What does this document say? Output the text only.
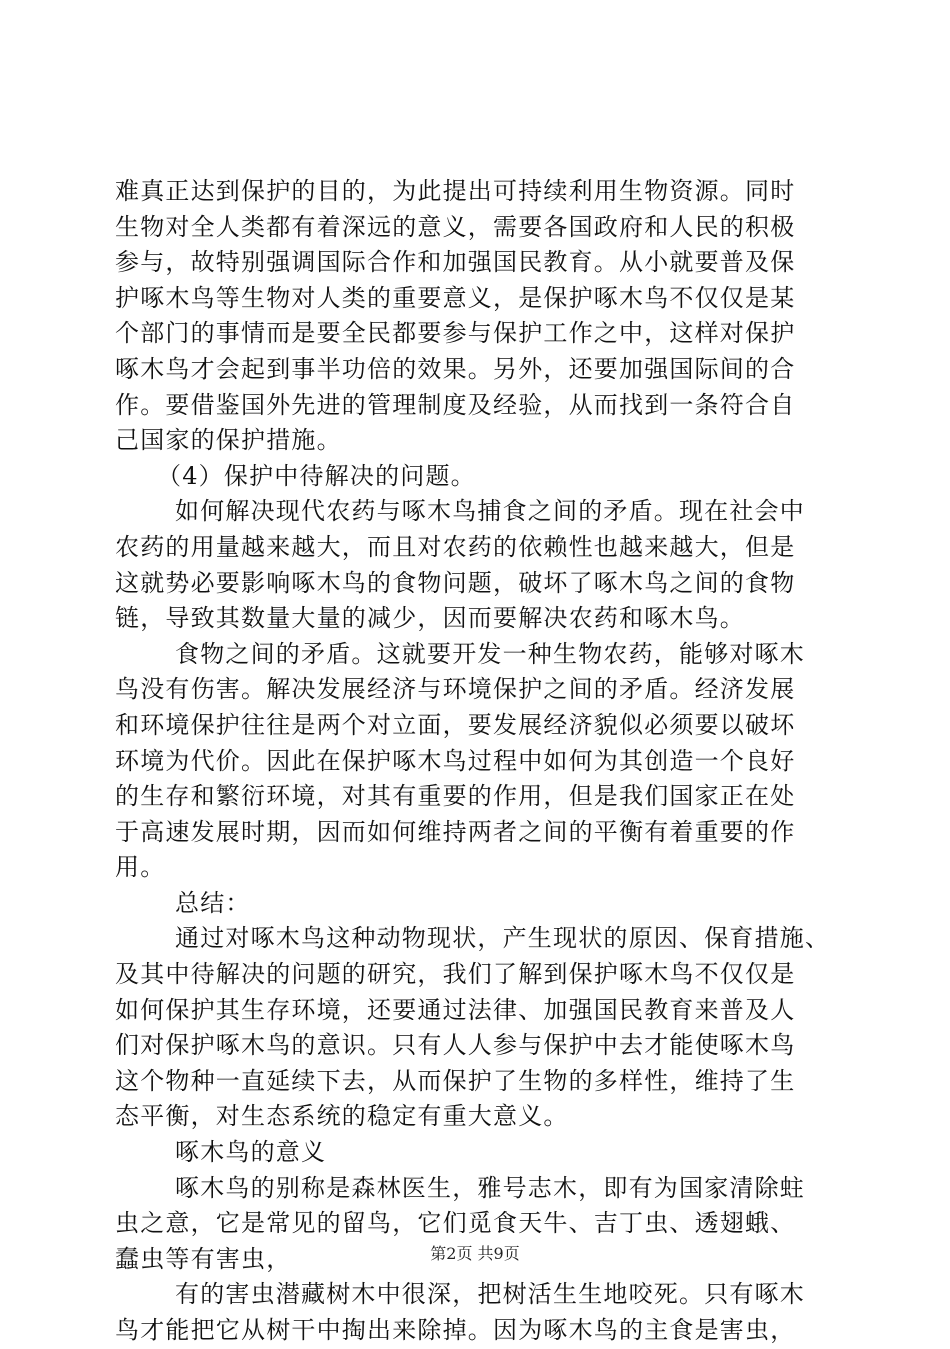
难真正达到保护的目的，为此提出可持续利用生物资源。同时
生物对全人类都有着深远的意义，需要各国政府和人民的积极
参与，故特别强调国际合作和加强国民教育。从小就要普及保
护啄木鸟等生物对人类的重要意义，是保护啄木鸟不仅仅是某
个部门的事情而是要全民都要参与保护工作之中，这样对保护
啄木鸟才会起到事半功倍的效果。另外，还要加强国际间的合
作。要借鉴国外先进的管理制度及经验，从而找到一条符合自
己国家的保护措施。
（4）保护中待解决的问题。
如何解决现代农药与啄木鸟捕食之间的矛盾。现在社会中
农药的用量越来越大，而且对农药的依赖性也越来越大，但是
这就势必要影响啄木鸟的食物问题，破坏了啄木鸟之间的食物
链，导致其数量大量的减少，因而要解决农药和啄木鸟。
食物之间的矛盾。这就要开发一种生物农药，能够对啄木
鸟没有伤害。解决发展经济与环境保护之间的矛盾。经济发展
和环境保护往往是两个对立面，要发展经济貌似必须要以破坏
环境为代价。因此在保护啄木鸟过程中如何为其创造一个良好
的生存和繁衍环境，对其有重要的作用，但是我们国家正在处
于高速发展时期，因而如何维持两者之间的平衡有着重要的作
用。
总结：
通过对啄木鸟这种动物现状，产生现状的原因、保育措施、
及其中待解决的问题的研究，我们了解到保护啄木鸟不仅仅是
如何保护其生存环境，还要通过法律、加强国民教育来普及人
们对保护啄木鸟的意识。只有人人参与保护中去才能使啄木鸟
这个物种一直延续下去，从而保护了生物的多样性，维持了生
态平衡，对生态系统的稳定有重大意义。
啄木鸟的意义
啄木鸟的别称是森林医生，雅号志木，即有为国家清除蛀
虫之意，它是常见的留鸟，它们觅食天牛、吉丁虫、透翅蛾、
蠢虫等有害虫，
有的害虫潜藏树木中很深，把树活生生地咬死。只有啄木
鸟才能把它从树干中掏出来除掉。因为啄木鸟的主食是害虫，
第2页 共9页
